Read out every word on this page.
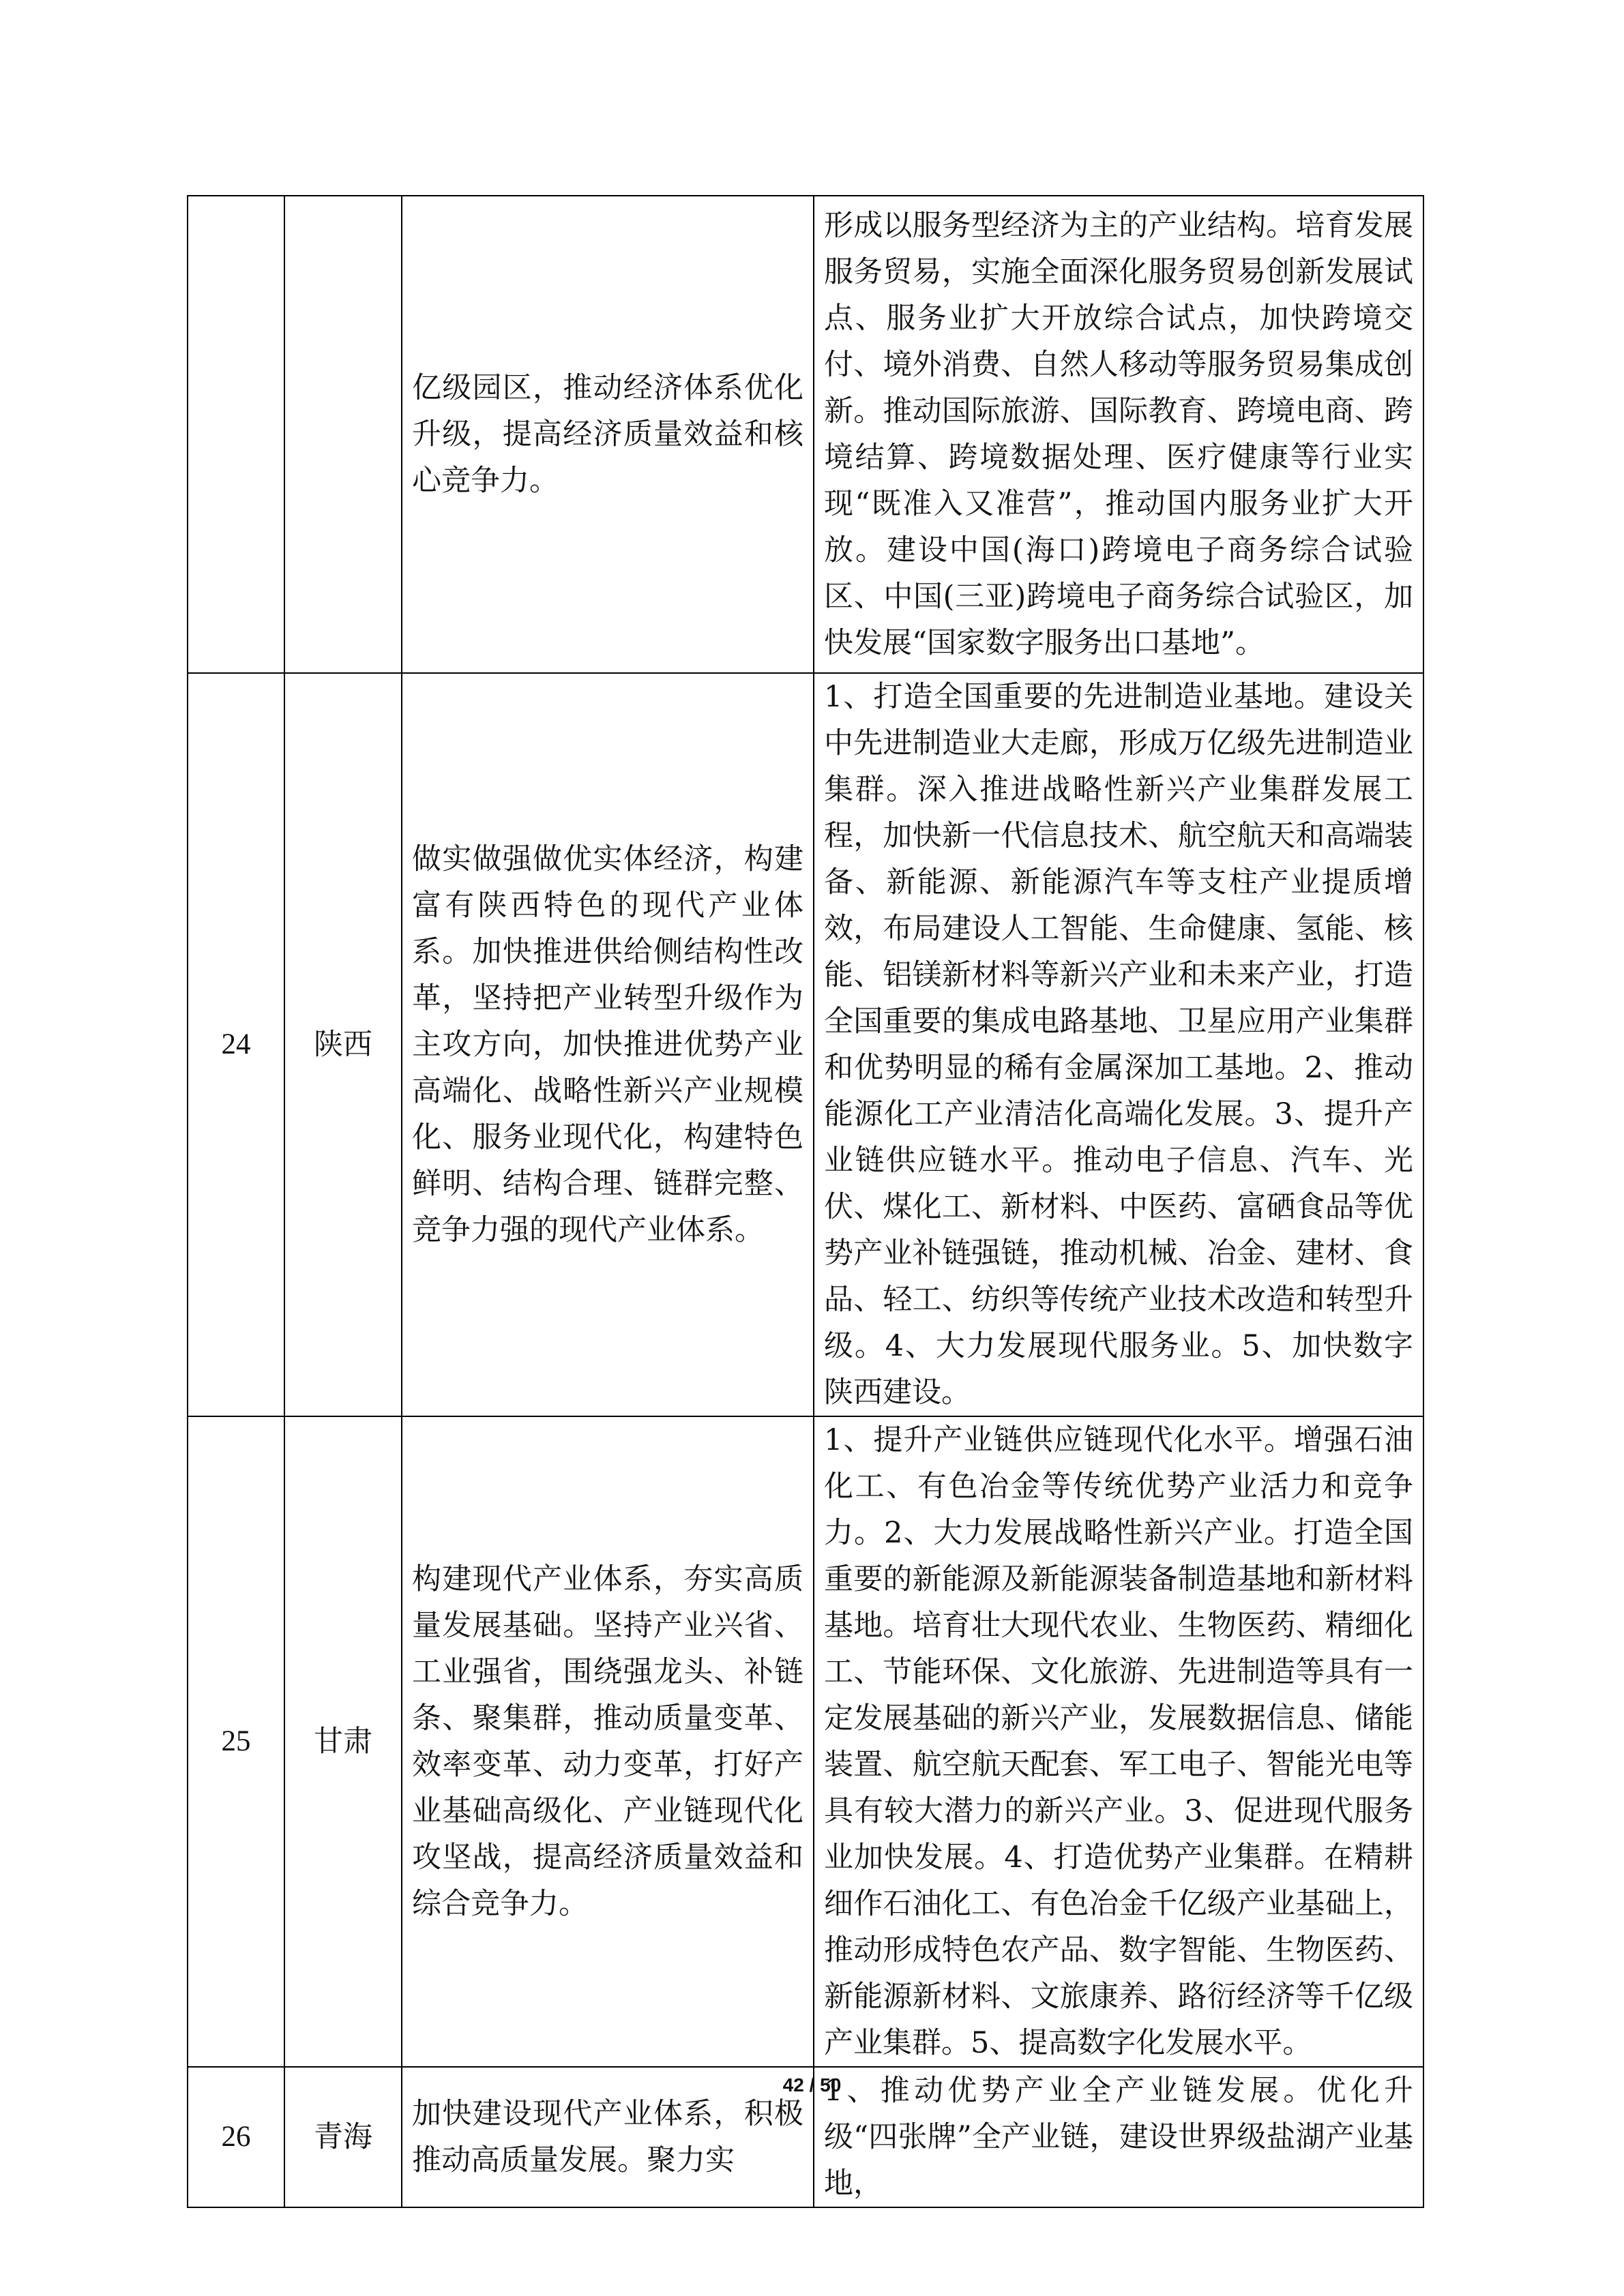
		亿级园区，推动经济体系优化升级，提高经济质量效益和核心竞争力。	形成以服务型经济为主的产业结构。培育发展服务贸易，实施全面深化服务贸易创新发展试点、服务业扩大开放综合试点，加快跨境交付、境外消费、自然人移动等服务贸易集成创新。推动国际旅游、国际教育、跨境电商、跨境结算、跨境数据处理、医疗健康等行业实现“既准入又准营”，推动国内服务业扩大开放。建设中国(海口)跨境电子商务综合试验区、中国(三亚)跨境电子商务综合试验区，加快发展“国家数字服务出口基地”。
24	陕西	做实做强做优实体经济，构建富有陕西特色的现代产业体系。加快推进供给侧结构性改革，坚持把产业转型升级作为主攻方向，加快推进优势产业高端化、战略性新兴产业规模化、服务业现代化，构建特色鲜明、结构合理、链群完整、竞争力强的现代产业体系。	1、打造全国重要的先进制造业基地。建设关中先进制造业大走廊，形成万亿级先进制造业集群。深入推进战略性新兴产业集群发展工程，加快新一代信息技术、航空航天和高端装备、新能源、新能源汽车等支柱产业提质增效，布局建设人工智能、生命健康、氢能、核能、铝镁新材料等新兴产业和未来产业，打造全国重要的集成电路基地、卫星应用产业集群和优势明显的稀有金属深加工基地。2、推动能源化工产业清洁化高端化发展。3、提升产业链供应链水平。推动电子信息、汽车、光伏、煤化工、新材料、中医药、富硒食品等优势产业补链强链，推动机械、冶金、建材、食品、轻工、纺织等传统产业技术改造和转型升级。4、大力发展现代服务业。5、加快数字陕西建设。
25	甘肃	构建现代产业体系，夯实高质量发展基础。坚持产业兴省、工业强省，围绕强龙头、补链条、聚集群，推动质量变革、效率变革、动力变革，打好产业基础高级化、产业链现代化攻坚战，提高经济质量效益和综合竞争力。	1、提升产业链供应链现代化水平。增强石油化工、有色冶金等传统优势产业活力和竞争力。2、大力发展战略性新兴产业。打造全国重要的新能源及新能源装备制造基地和新材料基地。培育壮大现代农业、生物医药、精细化工、节能环保、文化旅游、先进制造等具有一定发展基础的新兴产业，发展数据信息、储能装置、航空航天配套、军工电子、智能光电等具有较大潜力的新兴产业。3、促进现代服务业加快发展。4、打造优势产业集群。在精耕细作石油化工、有色冶金千亿级产业基础上，推动形成特色农产品、数字智能、生物医药、新能源新材料、文旅康养、路衍经济等千亿级产业集群。5、提高数字化发展水平。
26	青海	加快建设现代产业体系，积极推动高质量发展。聚力实	1、推动优势产业全产业链发展。优化升级“四张牌”全产业链，建设世界级盐湖产业基地，
42 / 50
